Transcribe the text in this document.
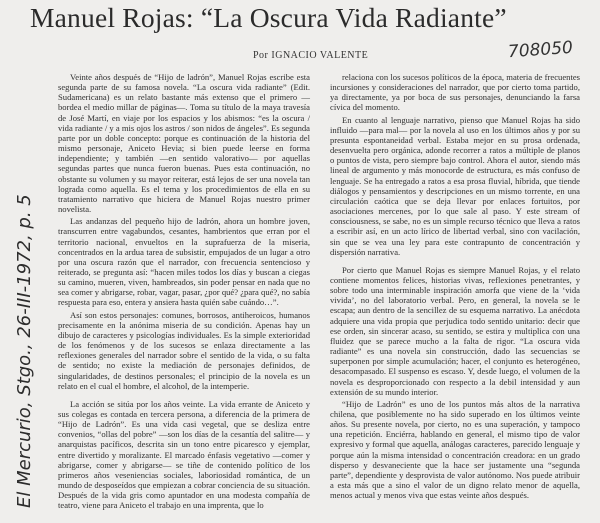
Manuel Rojas: “La Oscura Vida Radiante”
708050
Por IGNACIO VALENTE

Veinte años después de “Hijo de ladrón”, Manuel Rojas escribe esta segunda parte de su famosa novela. “La oscura vida radiante” (Edit. Sudamericana) es un relato bastante más extenso que el primero —bordea el medio millar de páginas—. Toma su título de la maya travesía de José Martí, en viaje por los espacios y los abismos: “es la oscura / vida radiante / y a mis ojos los astros / son nidos de ángeles”. Es segunda parte por un doble concepto: porque es continuación de la historia del mismo personaje, Aniceto Hevia; si bien puede leerse en forma independiente; y también —en sentido valorativo— por aquellas segundas partes que nunca fueron buenas. Pues esta continuación, no obstante su volumen y su mayor reiterar, está lejos de ser una novela tan lograda como aquella. Es el tema y los procedimientos de ella en su tratamiento narrativo que hiciera de Manuel Rojas nuestro primer novelista.

Las andanzas del pequeño hijo de ladrón, ahora un hombre joven, transcurren entre vagabundos, cesantes, hambrientos que erran por el territorio nacional, envueltos en la suprafuerza de la miseria, concentrados en la ardua tarea de subsistir, empujados de un lugar a otro por una oscura razón que el narrador, con frecuencia sentencioso y reiterado, se pregunta así: “hacen miles todos los días y buscan a ciegas su camino, mueren, viven, hambreados, sin poder pensar en nada que no sea comer y abrigarse, robar, vagar, pasar, ¿por qué? ¿para qué?, no sabía respuesta para eso, entera y ansiera hasta quién sabe cuándo…”.

Así son estos personajes: comunes, borrosos, antiheroicos, humanos precisamente en la anónima miseria de su condición. Apenas hay un dibujo de caracteres y psicologías individuales. Es la simple exterioridad de los fenómenos y de los sucesos se enlaza directamente a las reflexiones generales del narrador sobre el sentido de la vida, o su falta de sentido; no existe la mediación de personajes definidos, de singularidades, de destinos personales; el principio de la novela es un relato en el cual el hombre, el alcohol, de la intemperie.

La acción se sitúa por los años veinte. La vida errante de Aniceto y sus colegas es contada en tercera persona, a diferencia de la primera de “Hijo de Ladrón”. Es una vida casi vegetal, que se desliza entre convenios, “ollas del pobre” —son los días de la cesantía del salitre— y anarquistas pacíficos, descrita sin un tono entre picaresco y ejemplar, entre divertido y moralizante. El marcado énfasis vegetativo —comer y abrigarse, comer y abrigarse— se tiñe de contenido político de los primeros años veseniencias sociales, laboriosidad romántica, de un mundo de desposeídos que empiezan a cobrar conciencia de su situación. Después de la vida gris como apuntador en una modesta compañía de teatro, viene para Aniceto el trabajo en una imprenta, que lo

relaciona con los sucesos políticos de la época, materia de frecuentes incursiones y consideraciones del narrador, que por cierto toma partido, ya directamente, ya por boca de sus personajes, denunciando la farsa cívica del momento.

En cuanto al lenguaje narrativo, pienso que Manuel Rojas ha sido influido —para mal— por la novela al uso en los últimos años y por su presunta espontaneidad verbal. Estaba mejor en su prosa ordenada, desenvuelta pero orgánica, adonde recorrer a ratos a múltiple de planos o puntos de vista, pero siempre bajo control. Ahora el autor, siendo más lineal de argumento y más monocorde de estructura, es más confuso de lenguaje. Se ha entregado a ratos a esa prosa fluvial, híbrida, que tiende diálogos y pensamientos y descripciones en un mismo torrente, en una circulación caótica que se deja llevar por enlaces fortuitos, por asociaciones mercenes, por lo que sale al paso. Y este stream of consciousness, se sabe, no es un simple recurso técnico que lleva a ratos a escribir así, en un acto lírico de libertad verbal, sino con vacilación, sin que se vea una ley para este contrapunto de concentración y dispersión narrativa.

Por cierto que Manuel Rojas es siempre Manuel Rojas, y el relato contiene momentos felices, historias vivas, reflexiones penetrantes, y sobre todo una interminable inspiración amorfa que viene de la ‘vida vivida’, no del laboratorio verbal. Pero, en general, la novela se le escapa; aun dentro de la sencillez de su esquema narrativo. La anécdota adquiere una vida propia que perjudica todo sentido unitario: decir que ese orden, sin sincerar acaso, su sentido, se estira y multiplica con una fluidez que se parece mucho a la falta de rigor. “La oscura vida radiante” es una novela sin construcción, dado las secuencias se superponen por simple acumulación; hacer, el conjunto es heterogéneo, desacompasado. El suspenso es escaso. Y, desde luego, el volumen de la novela es desproporcionado con respecto a la debil intensidad y aun extensión de su mundo interior.

“Hijo de Ladrón” es uno de los puntos más altos de la narrativa chilena, que posiblemente no ha sido superado en los últimos veinte años. Su presente novela, por cierto, no es una superación, y tampoco una repetición. Enciérra, hablando en general, el mismo tipo de valor expresivo y formal que aquella, análogas caracteres, parecido lenguaje y porque aún la misma intensidad o concentración creadora: en un grado disperso y desvaneciente que la hace ser justamente una “segunda parte”, dependiente y desprovista de valor autónomo. Nos puede atribuir a esta más que a sino el valor de un digno relato menor de aquella, menos actual y menos viva que estas veinte años después.

El Mercurio, Stgo., 26-III-1972, p. 5
